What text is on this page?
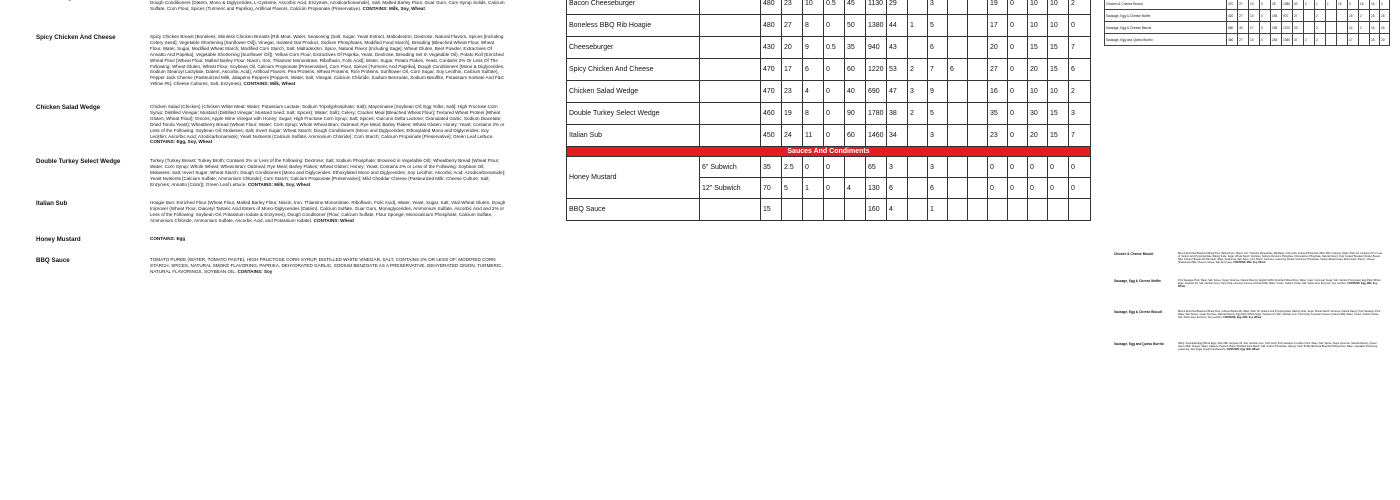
Dough Conditioners (Datem, Mono & Diglycerides, L-Cysteine, Ascorbic Acid, Enzymes, Azodicarbonamide), Salt, Malted Barley Flour, Guar Gum, Corn Syrup Solids, Calcium Sulfate, Corn Flour, Spices (Turmeric and Paprika), Artificial Flavors, Calcium Propionate (Preservative). CONTAINS: Milk, Soy, Wheat
Spicy Chicken And Cheese	Spicy Chicken Breast (Boneless, Skinless Chicken Breasts [Rib Meat, Water, Seasoning (Salt, Sugar, Yeast Extract, Maltodextrin, Dextrose, Natural Flavors, Spices [Including Celery Seed], Vegetable Shortening [Sunflower Oil]), Vinegar, Isolated Oat Product, Sodium Phosphates, Modified Food Starch], Breading (Bleached Wheat Flour, Wheat Flour, Water, Sugar, Modified Wheat Starch, Modified Corn Starch, Salt, Maltodextrin, Spice, Natural Flavor [Including Sage], Wheat Gluten, Beet Powder, Extractives Of Annatto And Paprika], Vegetable Shortening [Sunflower Oil]), Yellow Corn Flour, Extractives Of Paprika, Yeast, Dextrose, Breading Set In Vegetable Oil), Potato Roll (Enriched Wheat Flour [Wheat Flour, Malted Barley Flour, Niacin, Iron, Thiamine Mononitrate, Riboflavin, Folic Acid], Water, Sugar, Potato Flakes, Yeast, Contains 2% Or Less Of The Following: Wheat Gluten, Wheat Flour, Soybean Oil, Calcium Propionate [Preservative], Corn Flour, Spices [Turmeric And Paprika], Dough Conditioners [Mono & Diglycerides, Sodium Stearoyl Lactylate, Datem, Ascorbic Acid], Artificial Flavors, Pea Proteins, Wheat Proteins, Rice Proteins, Sunflower Oil, Corn Sugar, Soy Lecithin, Calcium Sulfate), Pepper Jack Cheese (Pasteurized Milk, Jalapeno Peppers [Peppers, Water, Salt, Vinegar, Calcium Chloride, Sodium Benzoate, Sodium Bisulfite, Potassium Sorbate And F&C Yellow #5], Cheese Cultures, Salt, Enzymes). CONTAINS: Milk, Wheat
Chicken Salad Wedge	Chicken Salad (Chicken) (Chicken White Meat; Water; Potassium Lactate; Sodium Tripolyphosphate; Salt); Mayonnaise [Soybean Oil; Egg Yolks; Salt]; High Fructose Corn Syrup; Distilled Vinegar; Mustard (Distilled Vinegar; Mustard Seed; Salt; Spices); Water; Salt); Celery; Cracker Meal [Bleached Wheat Flour]; Textured Wheat Protein [Wheat Gluten; Wheat Flour]; Onions; Apple Wine Vinegar with Honey; Sugar; High Fructose Corn Syrup; Salt; Spices; Gulcono Delta Lactone; Granulated Garlic; Sodium Diacetate; Dried Torula Yeast); Wheatberry Bread (Wheat Flour; Water; Corn Syrup; Whole Wheat Bran; Oatmeal; Rye Meal; Barley Flakes; Wheat Gluten; Honey; Yeast; Contains 2% or Less of the Following: Soybean Oil; Molasses; Salt; Invert Sugar; Wheat Starch; Dough Conditioners (Mono and Diglycerides; Ethoxylated Mono and Diglycerides; Soy Lecithin; Ascorbic Acid; Azodicarbonamide); Yeast Nutrients (Calcium Sulfate; Ammonium Chloride); Corn Starch; Calcium Propionate [Preservative]; Green Leaf Lettuce. CONTAINS: Egg, Soy, Wheat
Double Turkey Select Wedge	Turkey (Turkey Breast; Turkey Broth; Contains 2% or Less of the Following: Dextrose; Salt; Sodium Phosphate; Browned in Vegetable Oil); Wheatberry Bread (Wheat Flour; Water; Corn Syrup; Whole Wheat; Wheat Bran; Oatmeal; Rye Meal; Barley Flakes; Wheat Gluten; Honey; Yeast; Contains 2% or Less of the Following: Soybean Oil; Molasses; Salt; Invert Sugar; Wheat Starch; Dough Conditioners [Mono and Diglycerides; Ethoxylated Mono and Diglycerides; Soy Lecithin; Ascorbic Acid; Azodicarbonamide]; Yeast Nutrients [Calcium Sulfate; Ammonium Chloride]; Corn Starch; Calcium Propionate [Preservative]; Mild Cheddar Cheese (Pasteurized Milk; Cheese Culture; Salt; Enzymes; Annatto [Color]); Green Leaf Lettuce. CONTAINS: Milk, Soy, Wheat
Italian Sub	Hoagie Bun: Enriched Flour (Wheat Flour, Malted Barley Flour, Niacin, Iron, Thiamine Mononitrate, Riboflavin, Folic Acid), Water, Yeast, Sugar, Salt, Vital Wheat Gluten, Dough Improver (Wheat Flour, Diacetyl Tartaric Acid Esters of Mono-Diglycerides (Datem), Calcium Sulfate, Guar Gum, Monoglycerides, Ammonium Sulfate, Ascorbic Acid and 2% or Less of the Following: Soybean Oil, Potassium Iodate & Enzymes), Dough Conditioner (Flour, Calcium Sulfate, Flour Sponge, Monocalcium Phosphate, Calcium Sulfate, Ammonium Chloride, Ammonium Sulfate, Ascorbic Acid, and Potassium Iodate). CONTAINS: Wheat
Honey Mustard	CONTAINS: Egg
BBQ Sauce	TOMATO PUREE (WATER, TOMATO PASTE), HIGH FRUCTOSE CORN SYRUP, DISTILLED WHITE VINEGAR, SALT, CONTAINS 2% OR LESS OF: MODIFIED CORN STARCH, SPICES, NATURAL SMOKE FLAVORING, PAPRIKA, DEHYDRATED GARLIC, SODIUM BENZOATE AS A PRESERVATIVE, DEHYDRATED ONION, TURMERIC, NATURAL FLAVORINGS, SOYBEAN OIL. CONTAINS: Soy
Bacon Cheeseburger		480	23	10	0.5	45	1130	29		3			19	0	10	10	2
Boneless BBQ Rib Hoagie		480	27	8	0	50	1380	44	1	5			17	0	10	10	0
Cheeseburger		430	20	9	0.5	35	940	43		6			20	0	15	15	7
Spicy Chicken And Cheese		470	17	6	0	60	1220	53	2	7	6		27	0	20	15	6
Chicken Salad Wedge		470	23	4	0	40	690	47	3	9			16	0	10	10	2
Double Turkey Select Wedge		460	19	8	0	90	1780	38	2	5			35	0	30	15	3
Italian Sub		450	24	11	0	60	1460	34		3			23	0	20	15	7
Sauces And Condiments																	
Honey Mustard	6" Subwich	35	2.5	0	0		65	3		3			0	0	0	0	0
	12" Subwich	70	5	1	0	4	130	6		6			0	0	0	0	0
BBQ Sauce		15					160	4		1							
Chicken & Cheese Biscuit	470	27	13	0	25	1380	40	2	1	1	15	0	15	15	2	
Sausage, Egg & Cheese Muffin	420	27	10	0	155	970	27		2			15	2	15	15	
Sausage, Egg & Cheese Biscuit	550	40	17	0	155	1370	33		2			14	2	15	15	
Sausage, Egg and Queso Burrito	460	27	10	0	245	1360	37	2	2			17		15	20	
Chicken & Cheese Biscuit	Biscuit (Enriched Bleached Wheat Flour (Wheat Flour, Niacin, Iron, Thiamine Mononitrate, Riboflavin, Folic Acid), Cultured Buttermilk (Skim Milk, Cultures), Water, Palm Oil, Contains 2% or Less of: Sodium Acid Pyrophosphate, Baking Soda, Sugar, Wheat Starch, Dextrose, Sodium Aluminum Phosphate, Monocalcium Phosphate, Natural Flavor), Fully Cooked Breaded Chicken Breast Fillet (Chicken Breast with Rib Meat, Water, Seasoning, Salt, Spice, Corn Starch, Dextrose, Leavening (Sodium Aluminum Phosphate, Sodium Bicarbonate), Dried Garlic, Flavor), Cheese (Pasteurized Milk, Cheese Culture, Salt, Enzymes). CONTAINS: Milk, Soy, Wheat
Sausage, Egg & Cheese Muffin	Pork Sausage (Pork, Water, Salt, Spices, Sugar, Dextrose, Natural Flavors), English Muffin (Enriched Wheat Flour, Water, Yeast, Cornmeal, Sugar, Salt, Calcium Propionate), Egg Patty (Whole Eggs, Soybean Oil, Salt, Xanthan Gum, Citric Acid), American Cheese (Cultured Milk, Water, Cream, Sodium Citrate, Salt, Sorbic Acid, Enzymes, Soy Lecithin). CONTAINS: Egg, Milk, Soy, Wheat
Sausage, Egg & Cheese Biscuit	Biscuit (Enriched Bleached Wheat Flour, Cultured Buttermilk, Water, Palm Oil, Sodium Acid Pyrophosphate, Baking Soda, Sugar, Wheat Starch, Dextrose, Natural Flavor), Pork Sausage (Pork, Water, Salt, Spices, Sugar, Dextrose, Natural Flavors), Egg Patty (Whole Eggs, Soybean Oil, Salt, Xanthan Gum, Citric Acid), American Cheese (Cultured Milk, Water, Cream, Sodium Citrate, Salt, Sorbic Acid, Enzymes, Soy Lecithin). CONTAINS: Egg, Milk, Soy, Wheat
Sausage, Egg and Queso Burrito	Filling: Scrambled Egg (Whole Eggs, Skim Milk, Soybean Oil, Salt, Xanthan Gum, Citric Acid), Pork Sausage Crumbles (Pork, Water, Salt, Spices, Sugar, Dextrose, Natural Flavors), Queso Sauce (Milk, Cheese, Water, Jalapeno Peppers, Butter, Modified Food Starch, Salt, Sodium Phosphate, Spices), Flour Tortilla (Enriched Bleached Wheat Flour, Water, Vegetable Shortening, Leavening, Salt, Sugar, Dough Conditioners). CONTAINS: Egg, Milk, Wheat
